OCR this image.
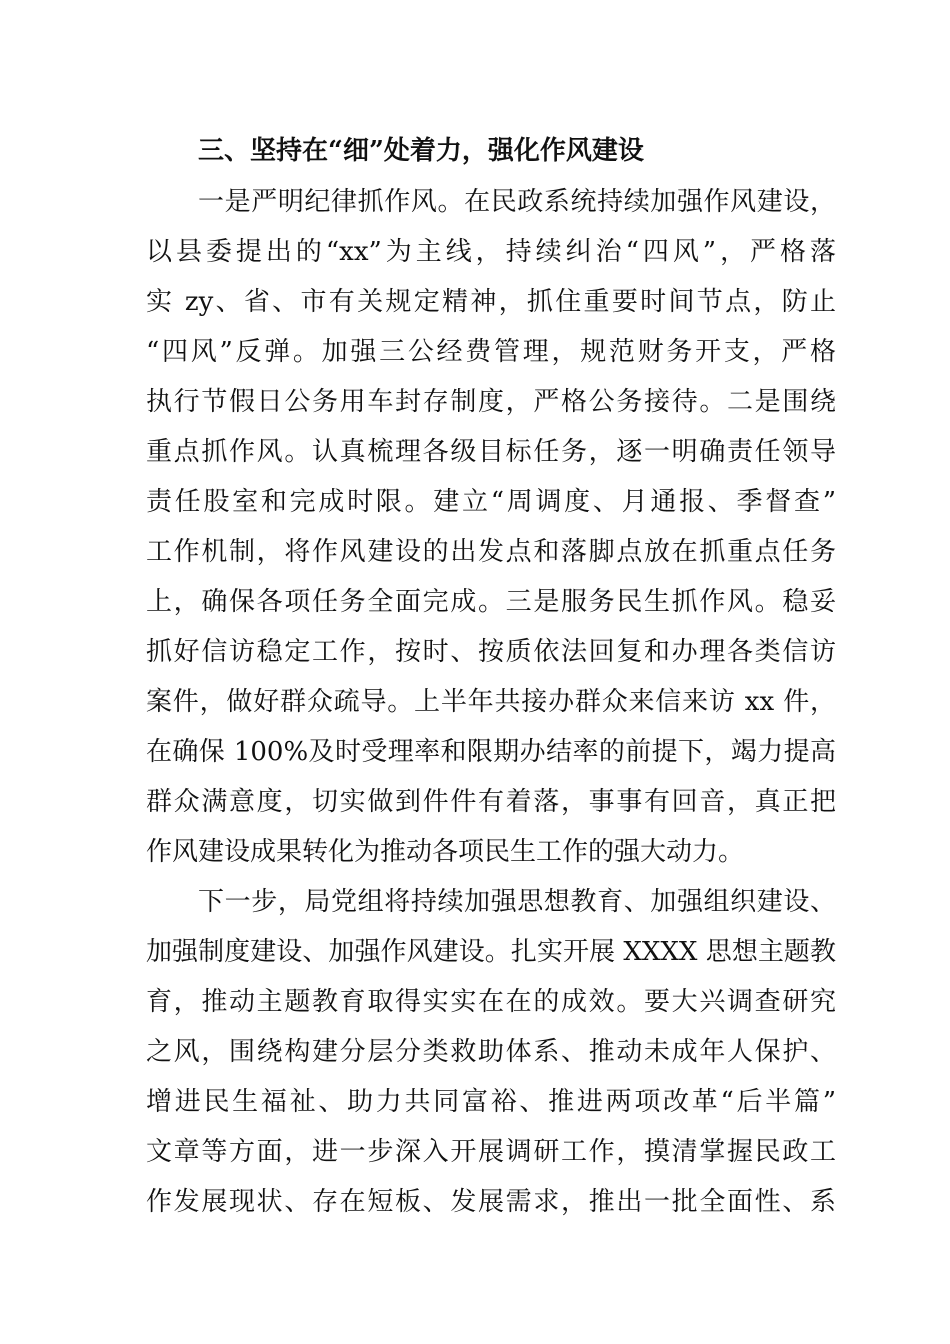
三、坚持在“细”处着力，强化作风建设
一是严明纪律抓作风。在民政系统持续加强作风建设，
以县委提出的“xx”为主线，持续纠治“四风”，严格落
实 zy、省、市有关规定精神，抓住重要时间节点，防止
“四风”反弹。加强三公经费管理，规范财务开支，严格
执行节假日公务用车封存制度，严格公务接待。二是围绕
重点抓作风。认真梳理各级目标任务，逐一明确责任领导
责任股室和完成时限。建立“周调度、月通报、季督查”
工作机制，将作风建设的出发点和落脚点放在抓重点任务
上，确保各项任务全面完成。三是服务民生抓作风。稳妥
抓好信访稳定工作，按时、按质依法回复和办理各类信访
案件，做好群众疏导。上半年共接办群众来信来访 xx 件，
在确保 100%及时受理率和限期办结率的前提下，竭力提高
群众满意度，切实做到件件有着落，事事有回音，真正把
作风建设成果转化为推动各项民生工作的强大动力。
下一步，局党组将持续加强思想教育、加强组织建设、
加强制度建设、加强作风建设。扎实开展 XXXX 思想主题教
育，推动主题教育取得实实在在的成效。要大兴调查研究
之风，围绕构建分层分类救助体系、推动未成年人保护、
增进民生福祉、助力共同富裕、推进两项改革“后半篇”
文章等方面，进一步深入开展调研工作，摸清掌握民政工
作发展现状、存在短板、发展需求，推出一批全面性、系
